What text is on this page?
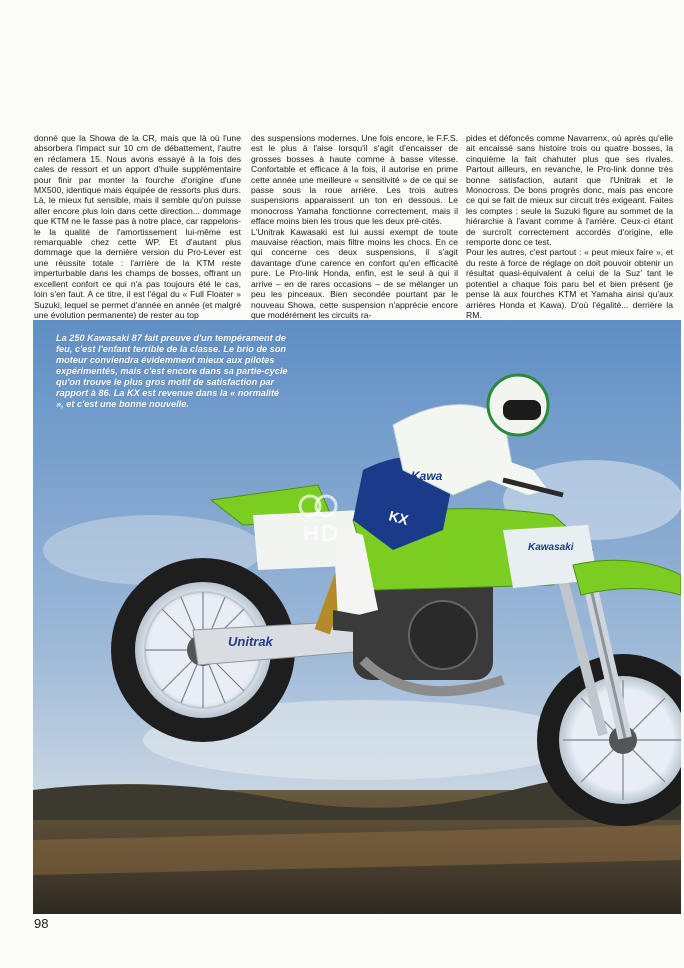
donné que la Showa de la CR, mais que là où l'une absorbera l'impact sur 10 cm de débattement, l'autre en réclamera 15. Nous avons essayé à la fois des cales de ressort et un apport d'huile supplémentaire pour finir par monter la fourche d'origine d'une MX500, identique mais équipée de ressorts plus durs. Là, le mieux fut sensible, mais il semble qu'on puisse aller encore plus loin dans cette direction... dommage que KTM ne le fasse pas à notre place, car rappelons-le la qualité de l'amortissement lui-même est remarquable chez cette WP. Et d'autant plus dommage que la dernière version du Pro-Lever est une réussite totale : l'arrière de la KTM reste imperturbable dans les champs de bosses, offrant un excellent confort ce qui n'a pas toujours été le cas, loin s'en faut. A ce titre, il est l'égal du « Full Floater » Suzuki, lequel se permet d'année en année (et malgré une évolution permanente) de rester au top

des suspensions modernes. Une fois encore, le F.F.S. est le plus à l'aise lorsqu'il s'agit d'encaisser de grosses bosses à haute comme à basse vitesse. Confortable et efficace à la fois, il autorise en prime cette année une meilleure « sensitivité » de ce qui se passe sous la roue arrière. Les trois autres suspensions apparaissent un ton en dessous. Le monocross Yamaha fonctionne correctement, mais il efface moins bien les trous que les deux pré-cités.

L'Unitrak Kawasaki est lui aussi exempt de toute mauvaise réaction, mais filtre moins les chocs. En ce qui concerne ces deux suspensions, il s'agit davantage d'une carence en confort qu'en efficacité pure. Le Pro-link Honda, enfin, est le seul à qui il arrive – en de rares occasions – de se mélanger un peu les pinceaux. Bien secondée pourtant par le nouveau Showa, cette suspension n'apprécie encore que modérément les circuits ra-

pides et défoncés comme Navarrenx, où après qu'elle ait encaissé sans histoire trois ou quatre bosses, la cinquième la fait chahuter plus que ses rivales. Partout ailleurs, en revanche, le Pro-link donne très bonne satisfaction, autant que l'Unitrak et le Monocross. De bons progrès donc, mais pas encore ce qui se fait de mieux sur circuit très exigeant. Faites les comptes : seule la Suzuki figure au sommet de la hiérarchie à l'avant comme à l'arrière. Ceux-ci étant de surcroît correctement accordés d'origine, elle remporte donc ce test.

Pour les autres, c'est partout : « peut mieux faire », et du reste à force de réglage on doit pouvoir obtenir un résultat quasi-équivalent à celui de la Suz' tant le potentiel a chaque fois paru bel et bien présent (je pense là aux fourches KTM et Yamaha ainsi qu'aux arrières Honda et Kawa). D'où l'égalité... derrière la RM.

Unitrak
Kawasaki
KX
Kawa
La 250 Kawasaki 87 fait preuve d'un tempérament de feu, c'est l'enfant terrible de la classe. Le brio de son moteur conviendra évidemment mieux aux pilotes expérimentés, mais c'est encore dans sa partie-cycle qu'on trouve le plus gros motif de satisfaction par rapport à 86. La KX est revenue dans la « normalité », et c'est une bonne nouvelle.
98
